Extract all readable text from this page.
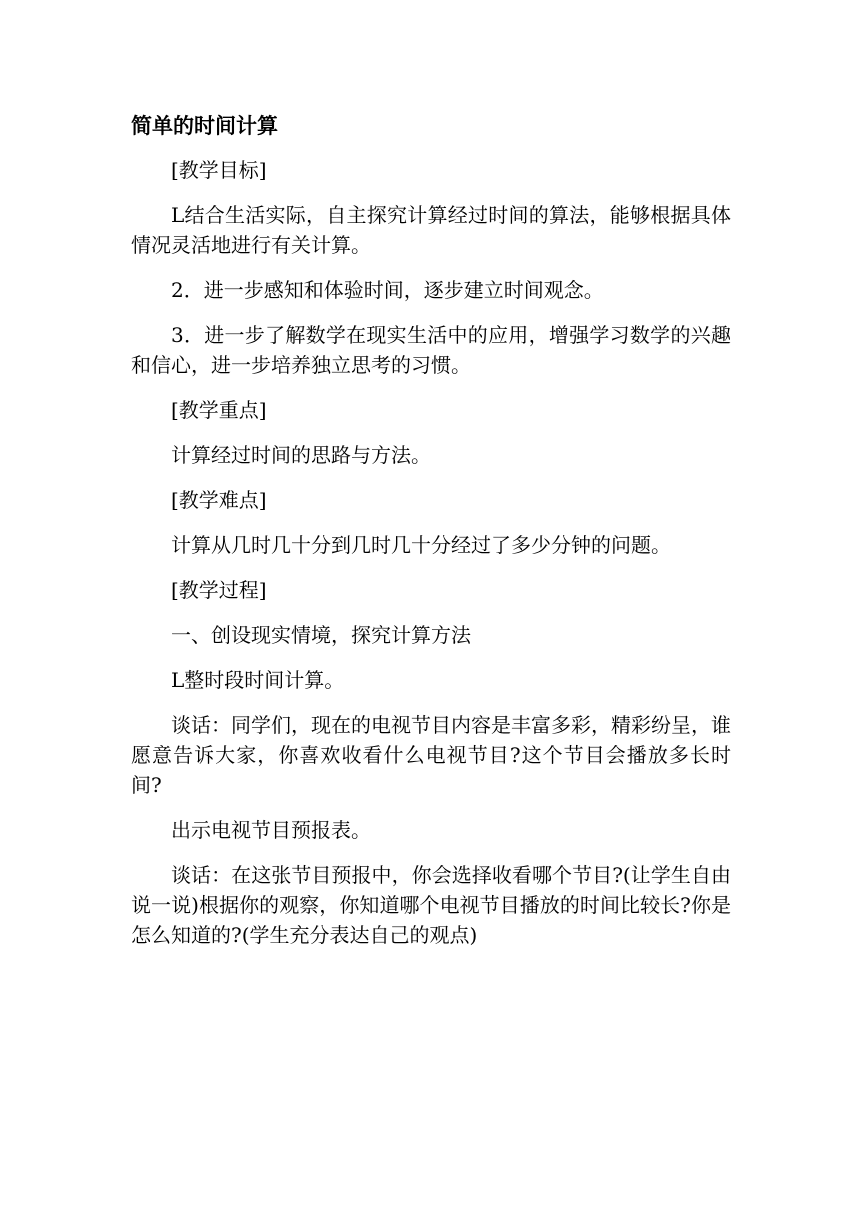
简单的时间计算
[教学目标]
L结合生活实际，自主探究计算经过时间的算法，能够根据具体情况灵活地进行有关计算。
2．进一步感知和体验时间，逐步建立时间观念。
3．进一步了解数学在现实生活中的应用，增强学习数学的兴趣和信心，进一步培养独立思考的习惯。
[教学重点]
计算经过时间的思路与方法。
[教学难点]
计算从几时几十分到几时几十分经过了多少分钟的问题。
[教学过程]
一、创设现实情境，探究计算方法
L整时段时间计算。
谈话：同学们，现在的电视节目内容是丰富多彩，精彩纷呈，谁愿意告诉大家，你喜欢收看什么电视节目?这个节目会播放多长时间?
出示电视节目预报表。
谈话：在这张节目预报中，你会选择收看哪个节目?(让学生自由说一说)根据你的观察，你知道哪个电视节目播放的时间比较长?你是怎么知道的?(学生充分表达自己的观点)
